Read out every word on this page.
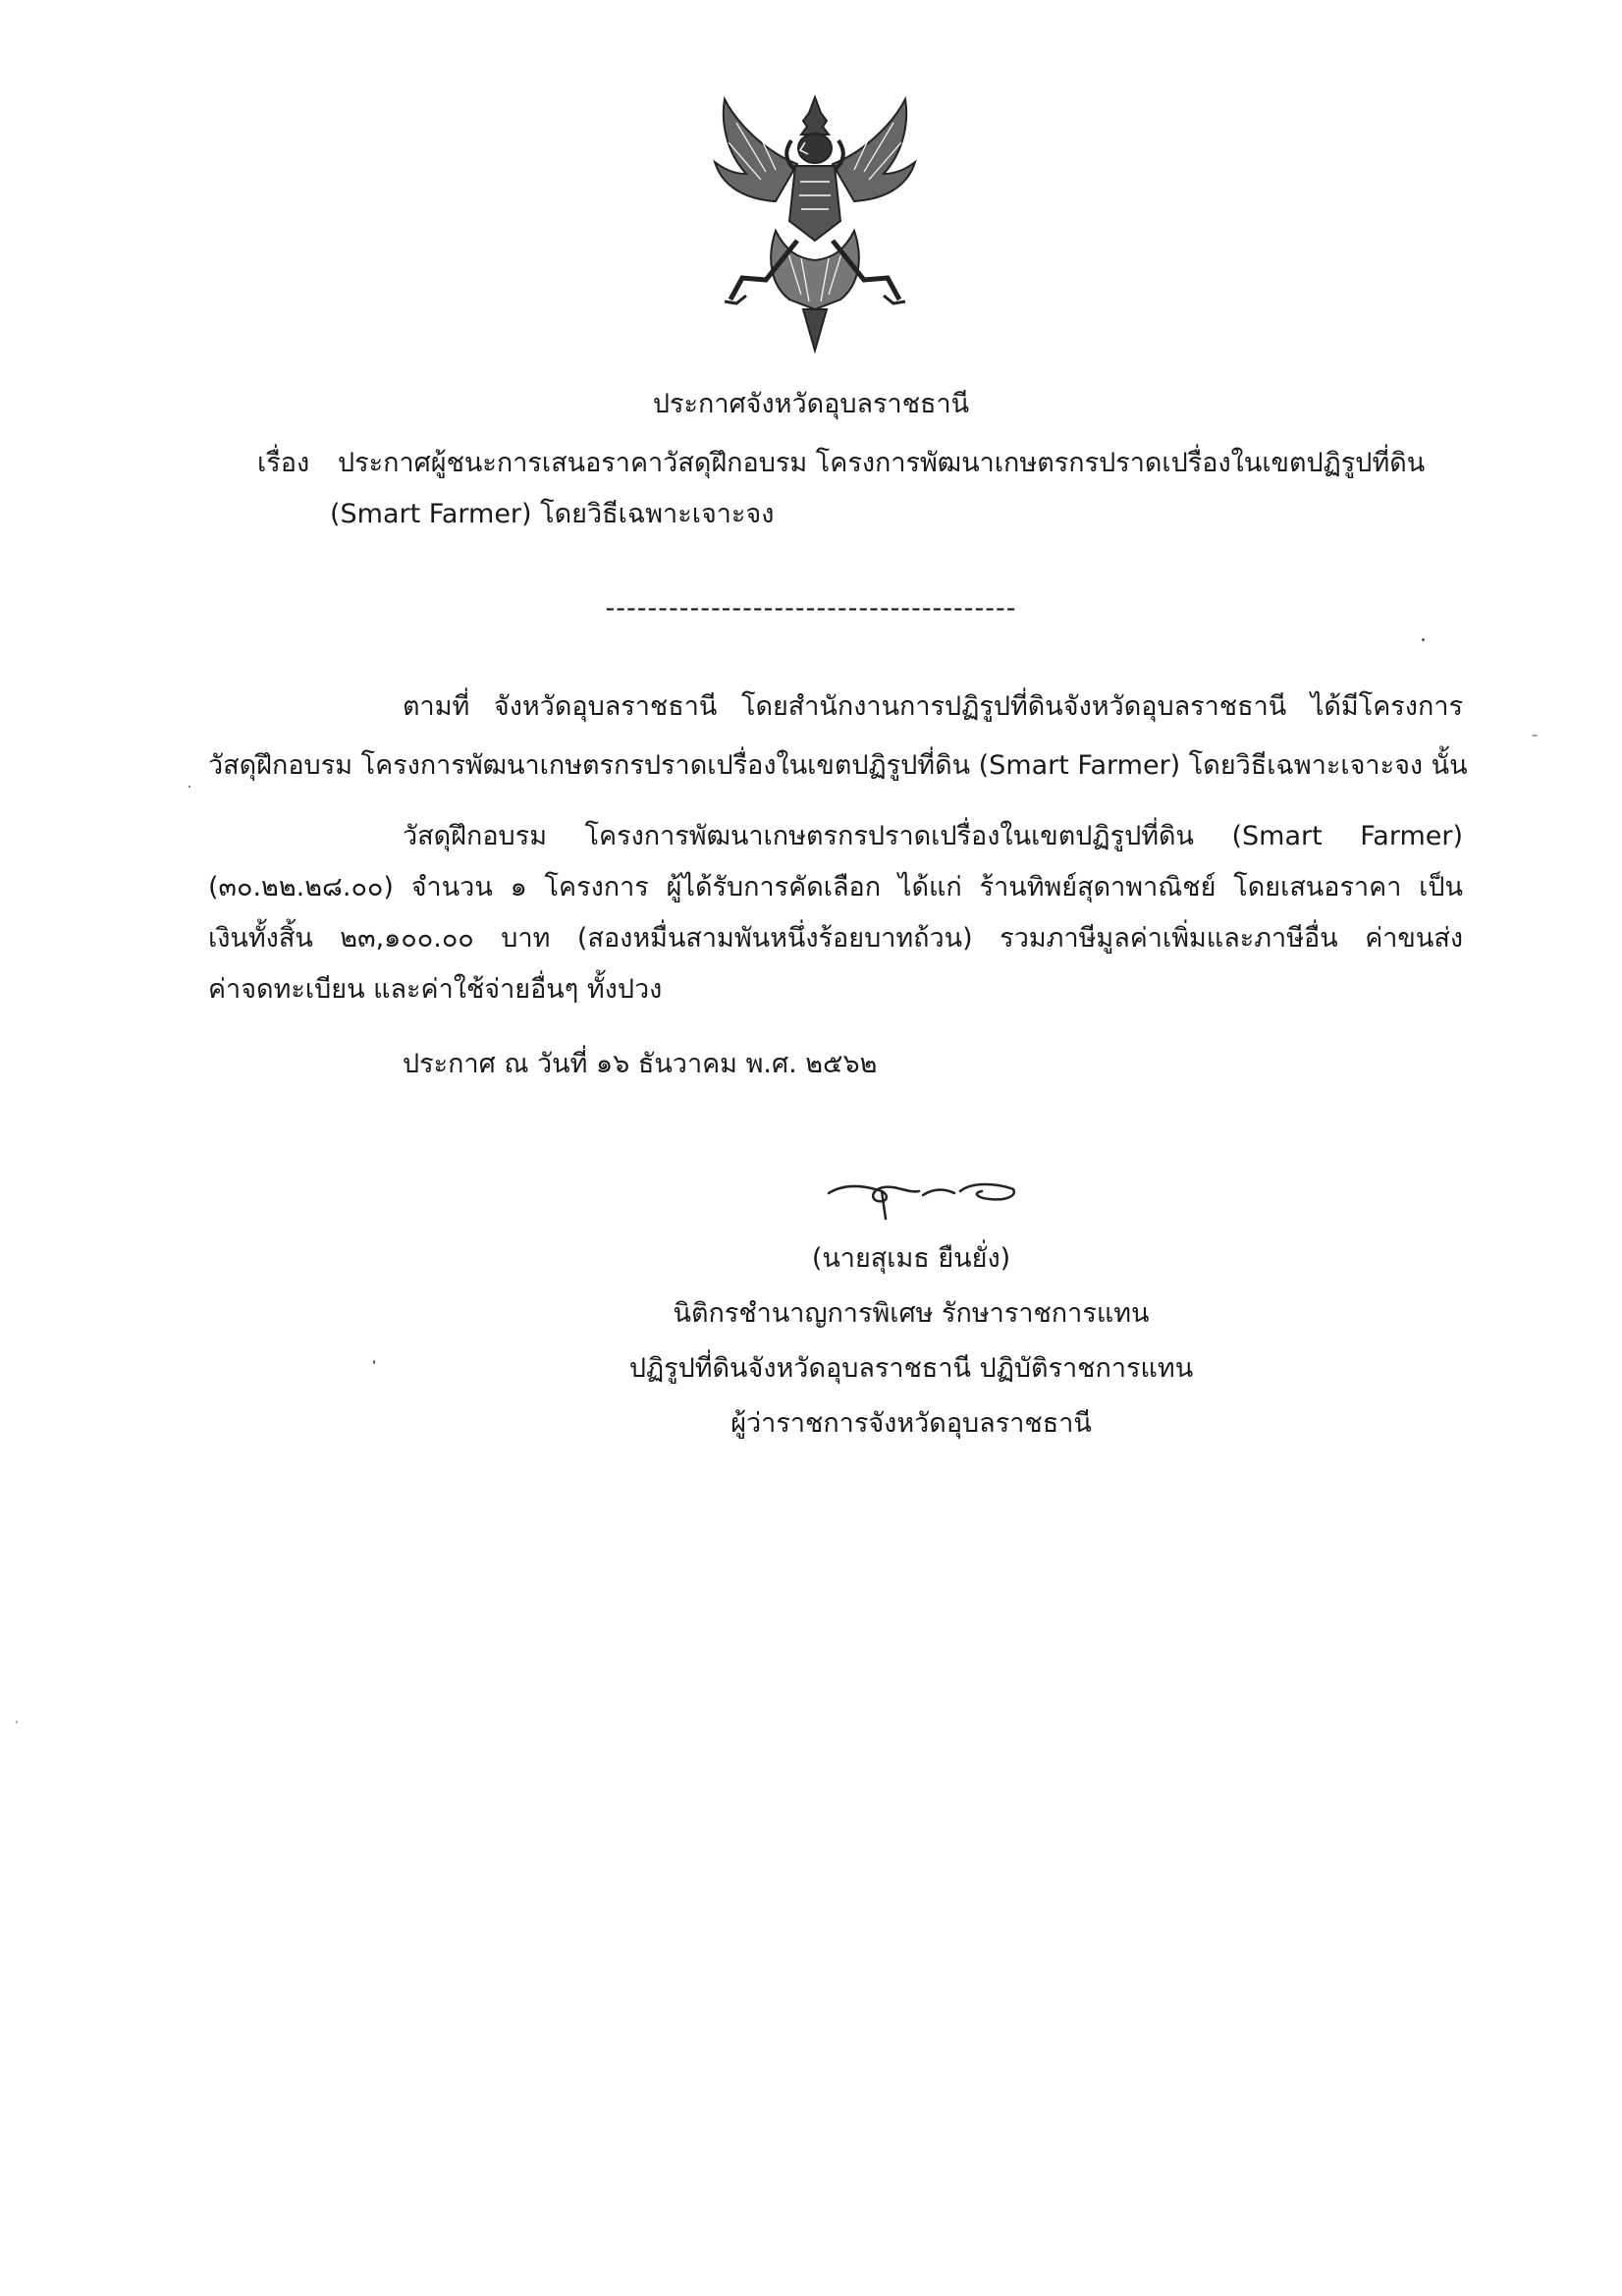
ประกาศจังหวัดอุบลราชธานี
เรื่อง ประกาศผู้ชนะการเสนอราคาวัสดุฝึกอบรม โครงการพัฒนาเกษตรกรปราดเปรื่องในเขตปฏิรูปที่ดิน
(Smart Farmer) โดยวิธีเฉพาะเจาะจง
---------------------------------------
ตามที่ จังหวัดอุบลราชธานี โดยสำนักงานการปฏิรูปที่ดินจังหวัดอุบลราชธานี ได้มีโครงการ
วัสดุฝึกอบรม โครงการพัฒนาเกษตรกรปราดเปรื่องในเขตปฏิรูปที่ดิน (Smart Farmer) โดยวิธีเฉพาะเจาะจง นั้น
วัสดุฝึกอบรม โครงการพัฒนาเกษตรกรปราดเปรื่องในเขตปฏิรูปที่ดิน (Smart Farmer)
(๓๐.๒๒.๒๘.๐๐) จำนวน ๑ โครงการ ผู้ได้รับการคัดเลือก ได้แก่ ร้านทิพย์สุดาพาณิชย์ โดยเสนอราคา เป็น
เงินทั้งสิ้น ๒๓,๑๐๐.๐๐ บาท (สองหมื่นสามพันหนึ่งร้อยบาทถ้วน) รวมภาษีมูลค่าเพิ่มและภาษีอื่น ค่าขนส่ง
ค่าจดทะเบียน และค่าใช้จ่ายอื่นๆ ทั้งปวง
ประกาศ ณ วันที่ ๑๖ ธันวาคม พ.ศ. ๒๕๖๒
(นายสุเมธ ยืนยั่ง)
นิติกรชำนาญการพิเศษ รักษาราชการแทน
ปฏิรูปที่ดินจังหวัดอุบลราชธานี ปฏิบัติราชการแทน
ผู้ว่าราชการจังหวัดอุบลราชธานี
